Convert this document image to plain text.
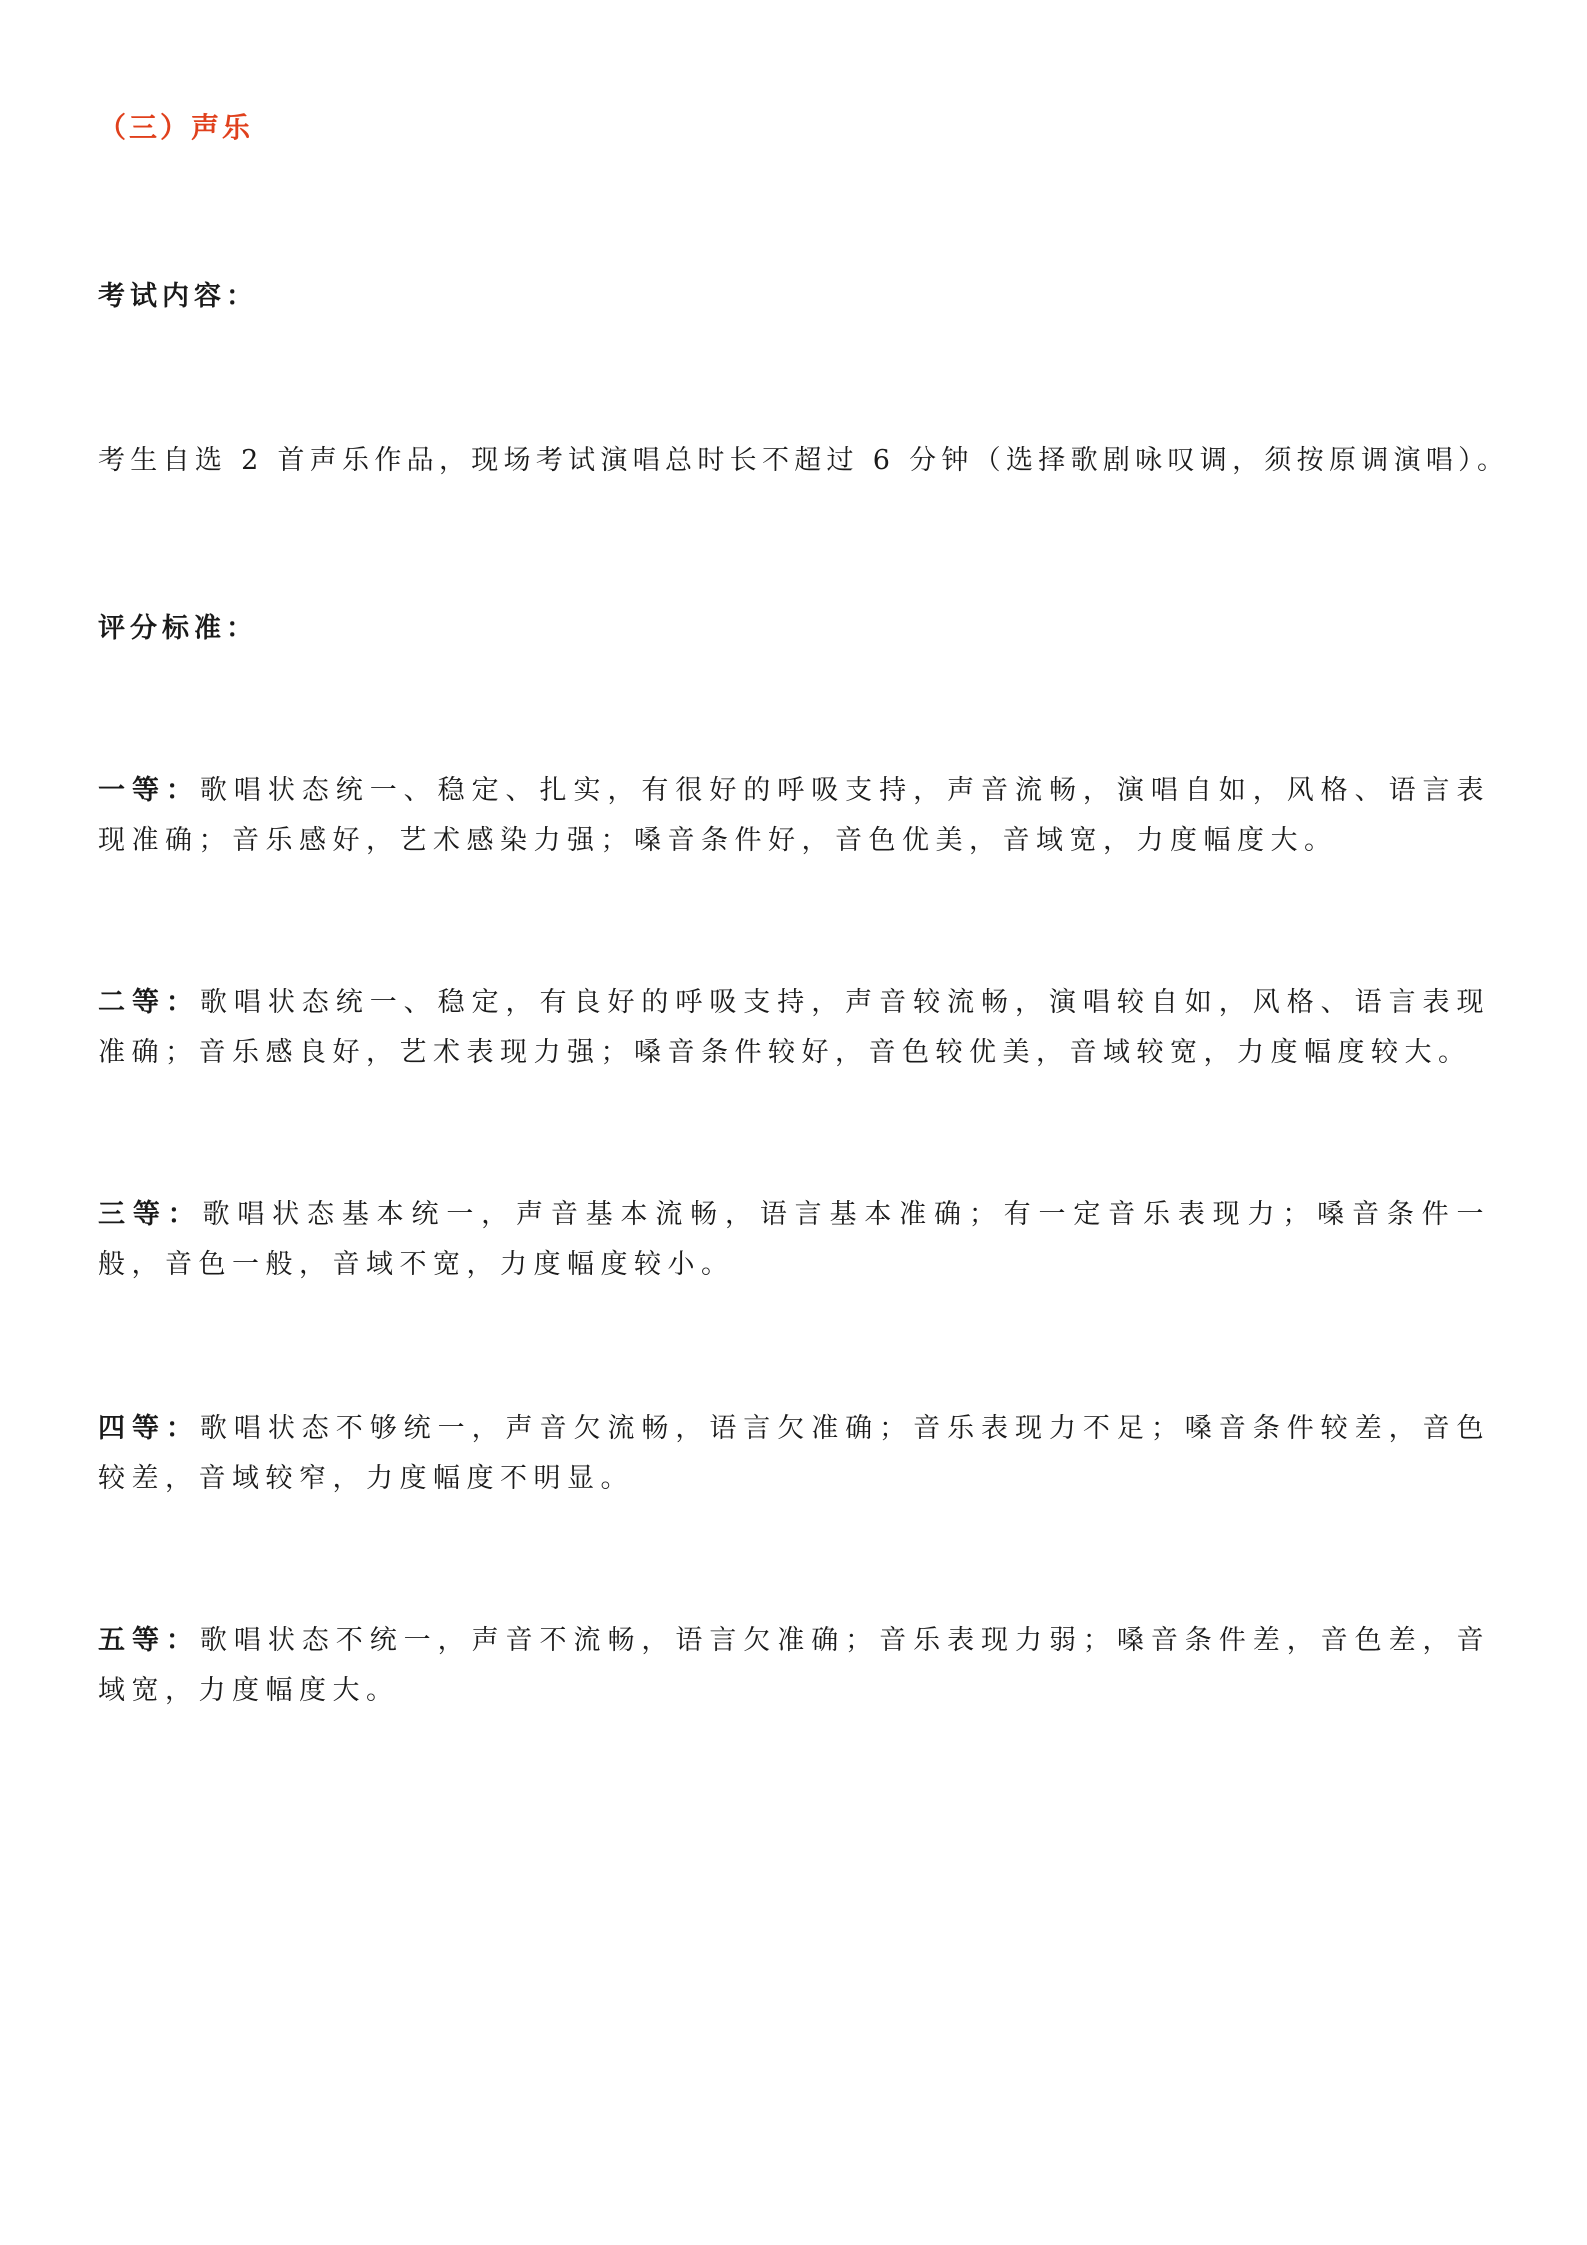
（三）声乐
考试内容：
考生自选 2 首声乐作品，现场考试演唱总时长不超过 6 分钟（选择歌剧咏叹调，须按原调演唱）。
评分标准：
一等：歌唱状态统一、稳定、扎实，有很好的呼吸支持，声音流畅，演唱自如，风格、语言表现准确；音乐感好，艺术感染力强；嗓音条件好，音色优美，音域宽，力度幅度大。
二等：歌唱状态统一、稳定，有良好的呼吸支持，声音较流畅，演唱较自如，风格、语言表现准确；音乐感良好，艺术表现力强；嗓音条件较好，音色较优美，音域较宽，力度幅度较大。
三等：歌唱状态基本统一，声音基本流畅，语言基本准确；有一定音乐表现力；嗓音条件一般，音色一般，音域不宽，力度幅度较小。
四等：歌唱状态不够统一，声音欠流畅，语言欠准确；音乐表现力不足；嗓音条件较差，音色较差，音域较窄，力度幅度不明显。
五等：歌唱状态不统一，声音不流畅，语言欠准确；音乐表现力弱；嗓音条件差，音色差，音域宽，力度幅度大。
